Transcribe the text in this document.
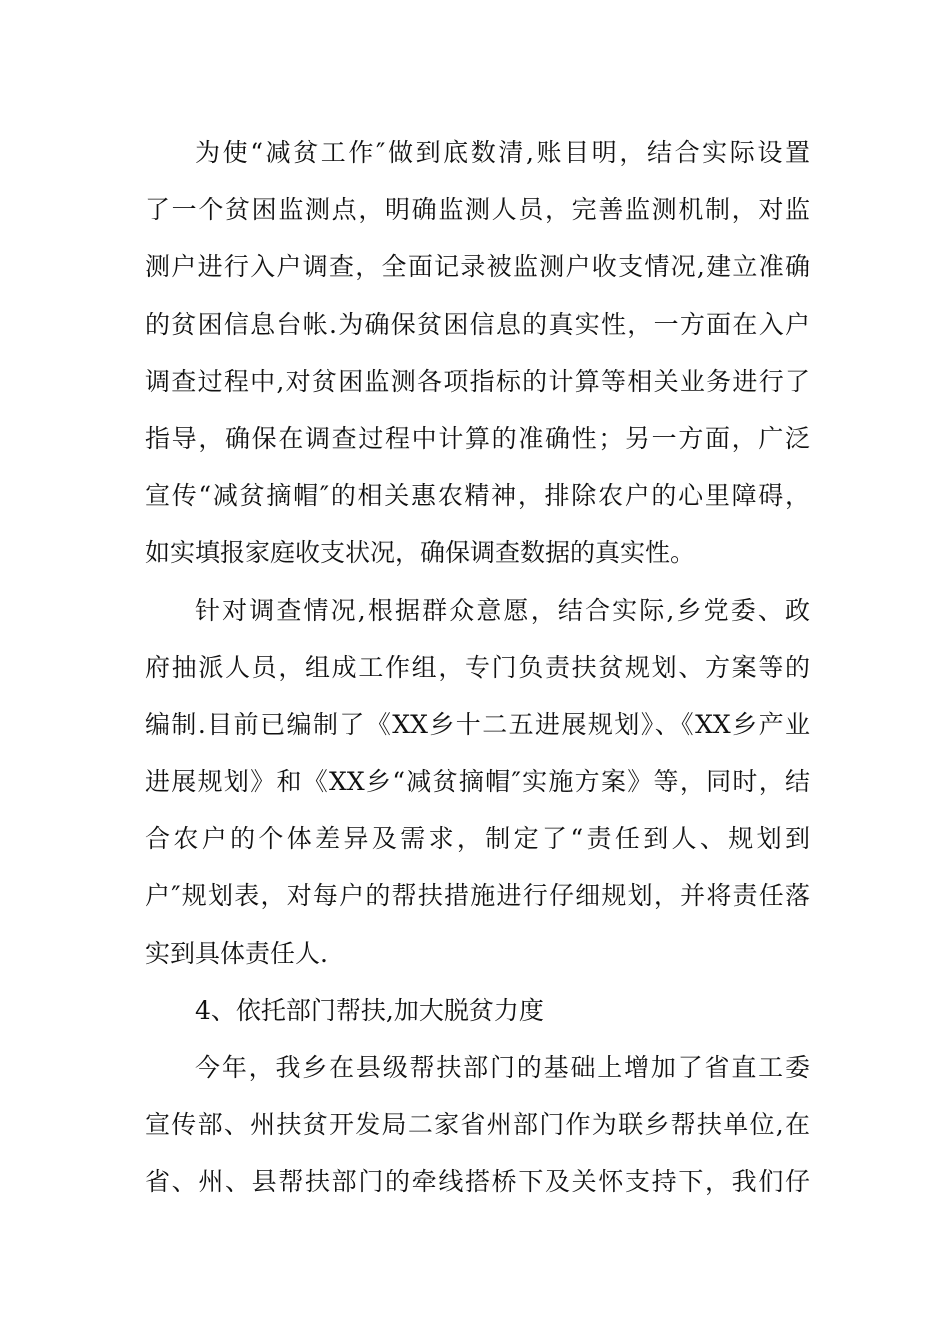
为使“减贫工作″做到底数清,账目明，结合实际设置
了一个贫困监测点，明确监测人员，完善监测机制，对监
测户进行入户调查，全面记录被监测户收支情况,建立准确
的贫困信息台帐.为确保贫困信息的真实性，一方面在入户
调查过程中,对贫困监测各项指标的计算等相关业务进行了
指导，确保在调查过程中计算的准确性；另一方面，广泛
宣传“减贫摘帽″的相关惠农精神，排除农户的心里障碍，
如实填报家庭收支状况，确保调查数据的真实性。
针对调查情况,根据群众意愿，结合实际,乡党委、政
府抽派人员，组成工作组，专门负责扶贫规划、方案等的
编制.目前已编制了《XX乡十二五进展规划》、《XX乡产业
进展规划》和《XX乡“减贫摘帽″实施方案》等，同时，结
合农户的个体差异及需求，制定了“责任到人、规划到
户″规划表，对每户的帮扶措施进行仔细规划，并将责任落
实到具体责任人.
4、依托部门帮扶,加大脱贫力度
今年，我乡在县级帮扶部门的基础上增加了省直工委
宣传部、州扶贫开发局二家省州部门作为联乡帮扶单位,在
省、州、县帮扶部门的牵线搭桥下及关怀支持下，我们仔
